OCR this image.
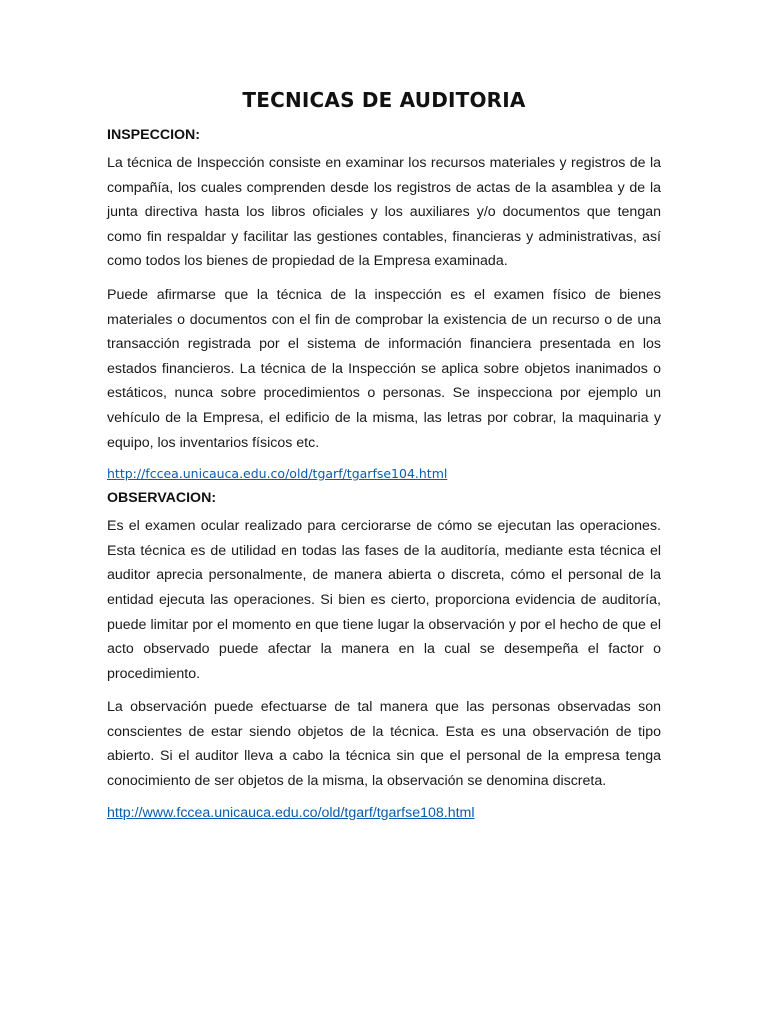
TECNICAS DE AUDITORIA
INSPECCION:

La técnica de Inspección consiste en examinar los recursos materiales y registros de la compañía, los cuales comprenden desde los registros de actas de la asamblea y de la junta directiva hasta los libros oficiales y los auxiliares y/o documentos que tengan como fin respaldar y facilitar las gestiones contables, financieras y administrativas, así como todos los bienes de propiedad de la Empresa examinada.

Puede afirmarse que la técnica de la inspección es el examen físico de bienes materiales o documentos con el fin de comprobar la existencia de un recurso o de una transacción registrada por el sistema de información financiera presentada en los estados financieros. La técnica de la Inspección se aplica sobre objetos inanimados o estáticos, nunca sobre procedimientos o personas. Se inspecciona por ejemplo un vehículo de la Empresa, el edificio de la misma, las letras por cobrar, la maquinaria y equipo, los inventarios físicos etc.

http://fccea.unicauca.edu.co/old/tgarf/tgarfse104.html
OBSERVACION:

Es el examen ocular realizado para cerciorarse de cómo se ejecutan las operaciones. Esta técnica es de utilidad en todas las fases de la auditoría, mediante esta técnica el auditor aprecia personalmente, de manera abierta o discreta, cómo el personal de la entidad ejecuta las operaciones. Si bien es cierto, proporciona evidencia de auditoría, puede limitar por el momento en que tiene lugar la observación y por el hecho de que el acto observado puede afectar la manera en la cual se desempeña el factor o procedimiento.

La observación puede efectuarse de tal manera que las personas observadas son conscientes de estar siendo objetos de la técnica. Esta es una observación de tipo abierto. Si el auditor lleva a cabo la técnica sin que el personal de la empresa tenga conocimiento de ser objetos de la misma, la observación se denomina discreta.

http://www.fccea.unicauca.edu.co/old/tgarf/tgarfse108.html
